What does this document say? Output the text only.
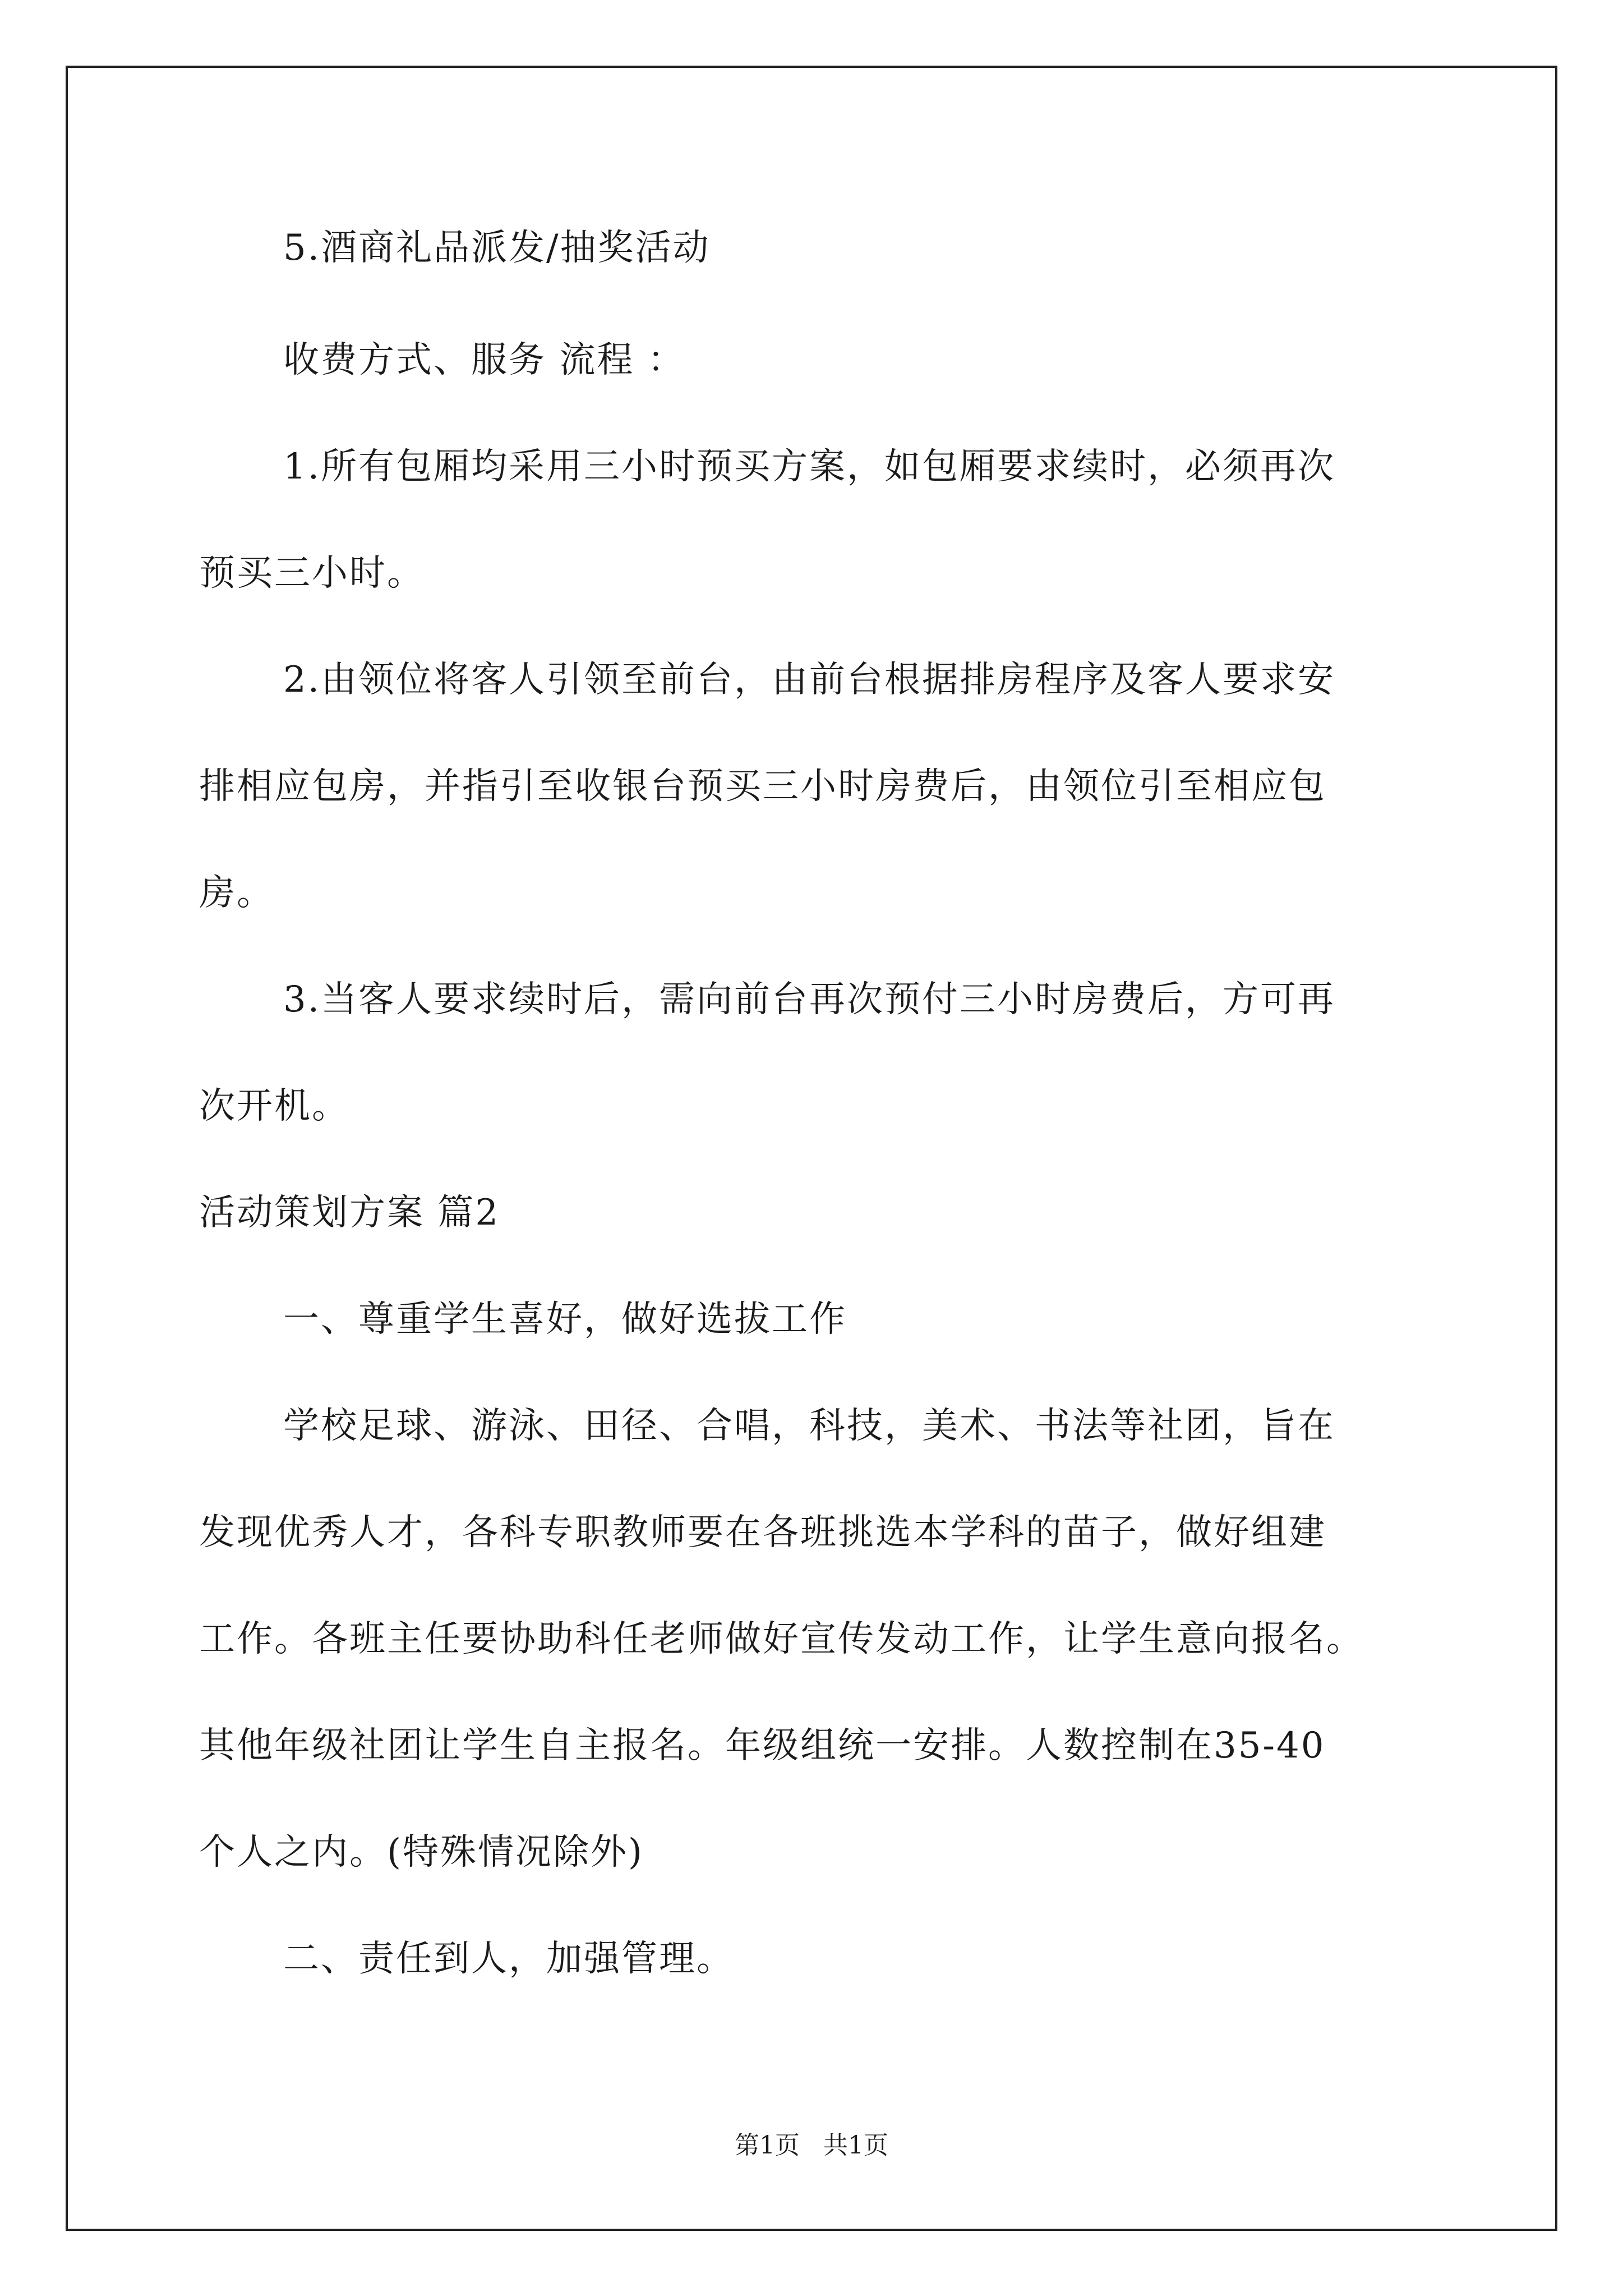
5.酒商礼品派发/抽奖活动
收费方式、服务 流程 ：
1.所有包厢均采用三小时预买方案，如包厢要求续时，必须再次
预买三小时。
2.由领位将客人引领至前台，由前台根据排房程序及客人要求安
排相应包房，并指引至收银台预买三小时房费后，由领位引至相应包
房。
3.当客人要求续时后，需向前台再次预付三小时房费后，方可再
次开机。
活动策划方案 篇2
一、尊重学生喜好，做好选拔工作
学校足球、游泳、田径、合唱，科技，美术、书法等社团，旨在
发现优秀人才，各科专职教师要在各班挑选本学科的苗子，做好组建
工作。各班主任要协助科任老师做好宣传发动工作，让学生意向报名。
其他年级社团让学生自主报名。年级组统一安排。人数控制在35-40
个人之内。(特殊情况除外)
二、责任到人，加强管理。
第1页 共1页
